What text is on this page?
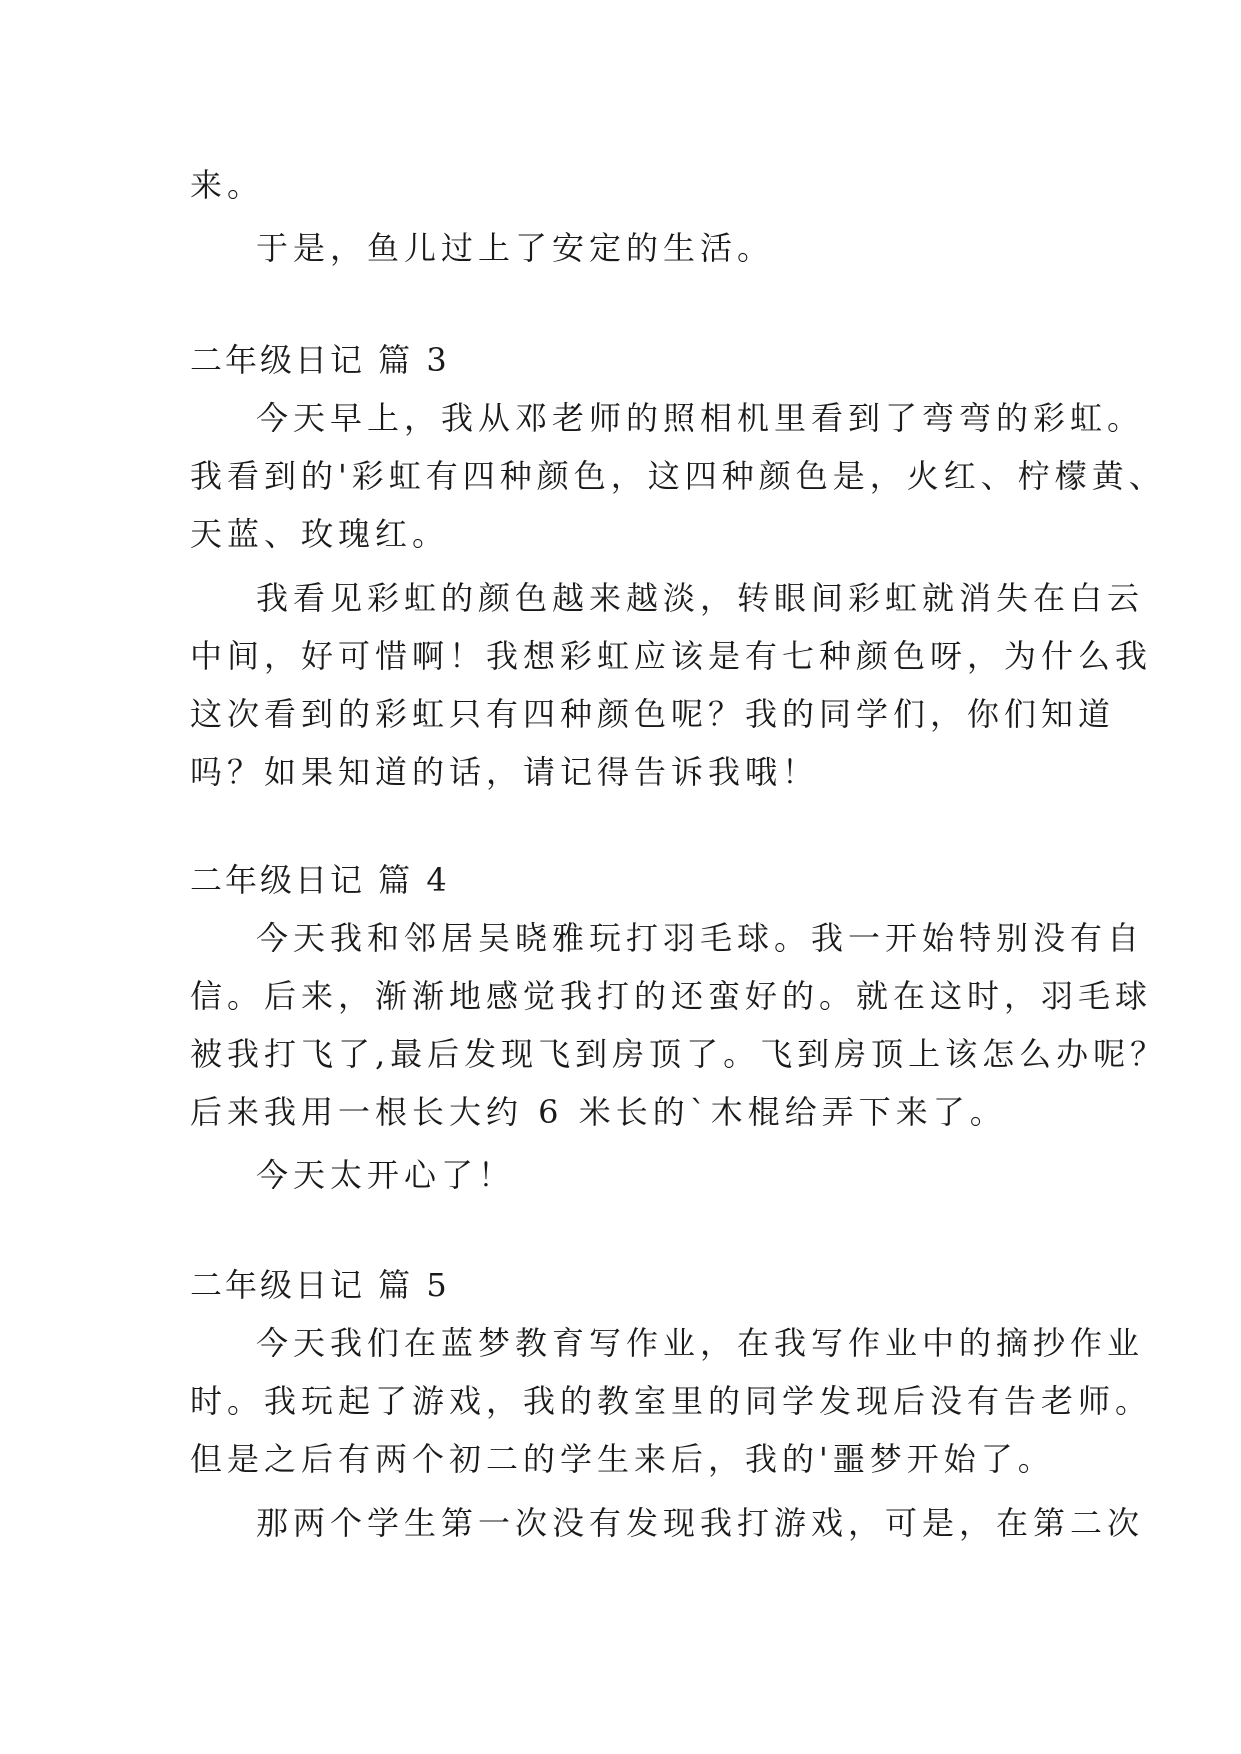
来。
于是，鱼儿过上了安定的生活。
二年级日记 篇 3
今天早上，我从邓老师的照相机里看到了弯弯的彩虹。
我看到的'彩虹有四种颜色，这四种颜色是，火红、柠檬黄、
天蓝、玫瑰红。
我看见彩虹的颜色越来越淡，转眼间彩虹就消失在白云
中间，好可惜啊！我想彩虹应该是有七种颜色呀，为什么我
这次看到的彩虹只有四种颜色呢？我的同学们，你们知道
吗？如果知道的话，请记得告诉我哦！
二年级日记 篇 4
今天我和邻居吴晓雅玩打羽毛球。我一开始特别没有自
信。后来，渐渐地感觉我打的还蛮好的。就在这时，羽毛球
被我打飞了,最后发现飞到房顶了。飞到房顶上该怎么办呢？
后来我用一根长大约 6 米长的`木棍给弄下来了。
今天太开心了！
二年级日记 篇 5
今天我们在蓝梦教育写作业，在我写作业中的摘抄作业
时。我玩起了游戏，我的教室里的同学发现后没有告老师。
但是之后有两个初二的学生来后，我的'噩梦开始了。
那两个学生第一次没有发现我打游戏，可是，在第二次
